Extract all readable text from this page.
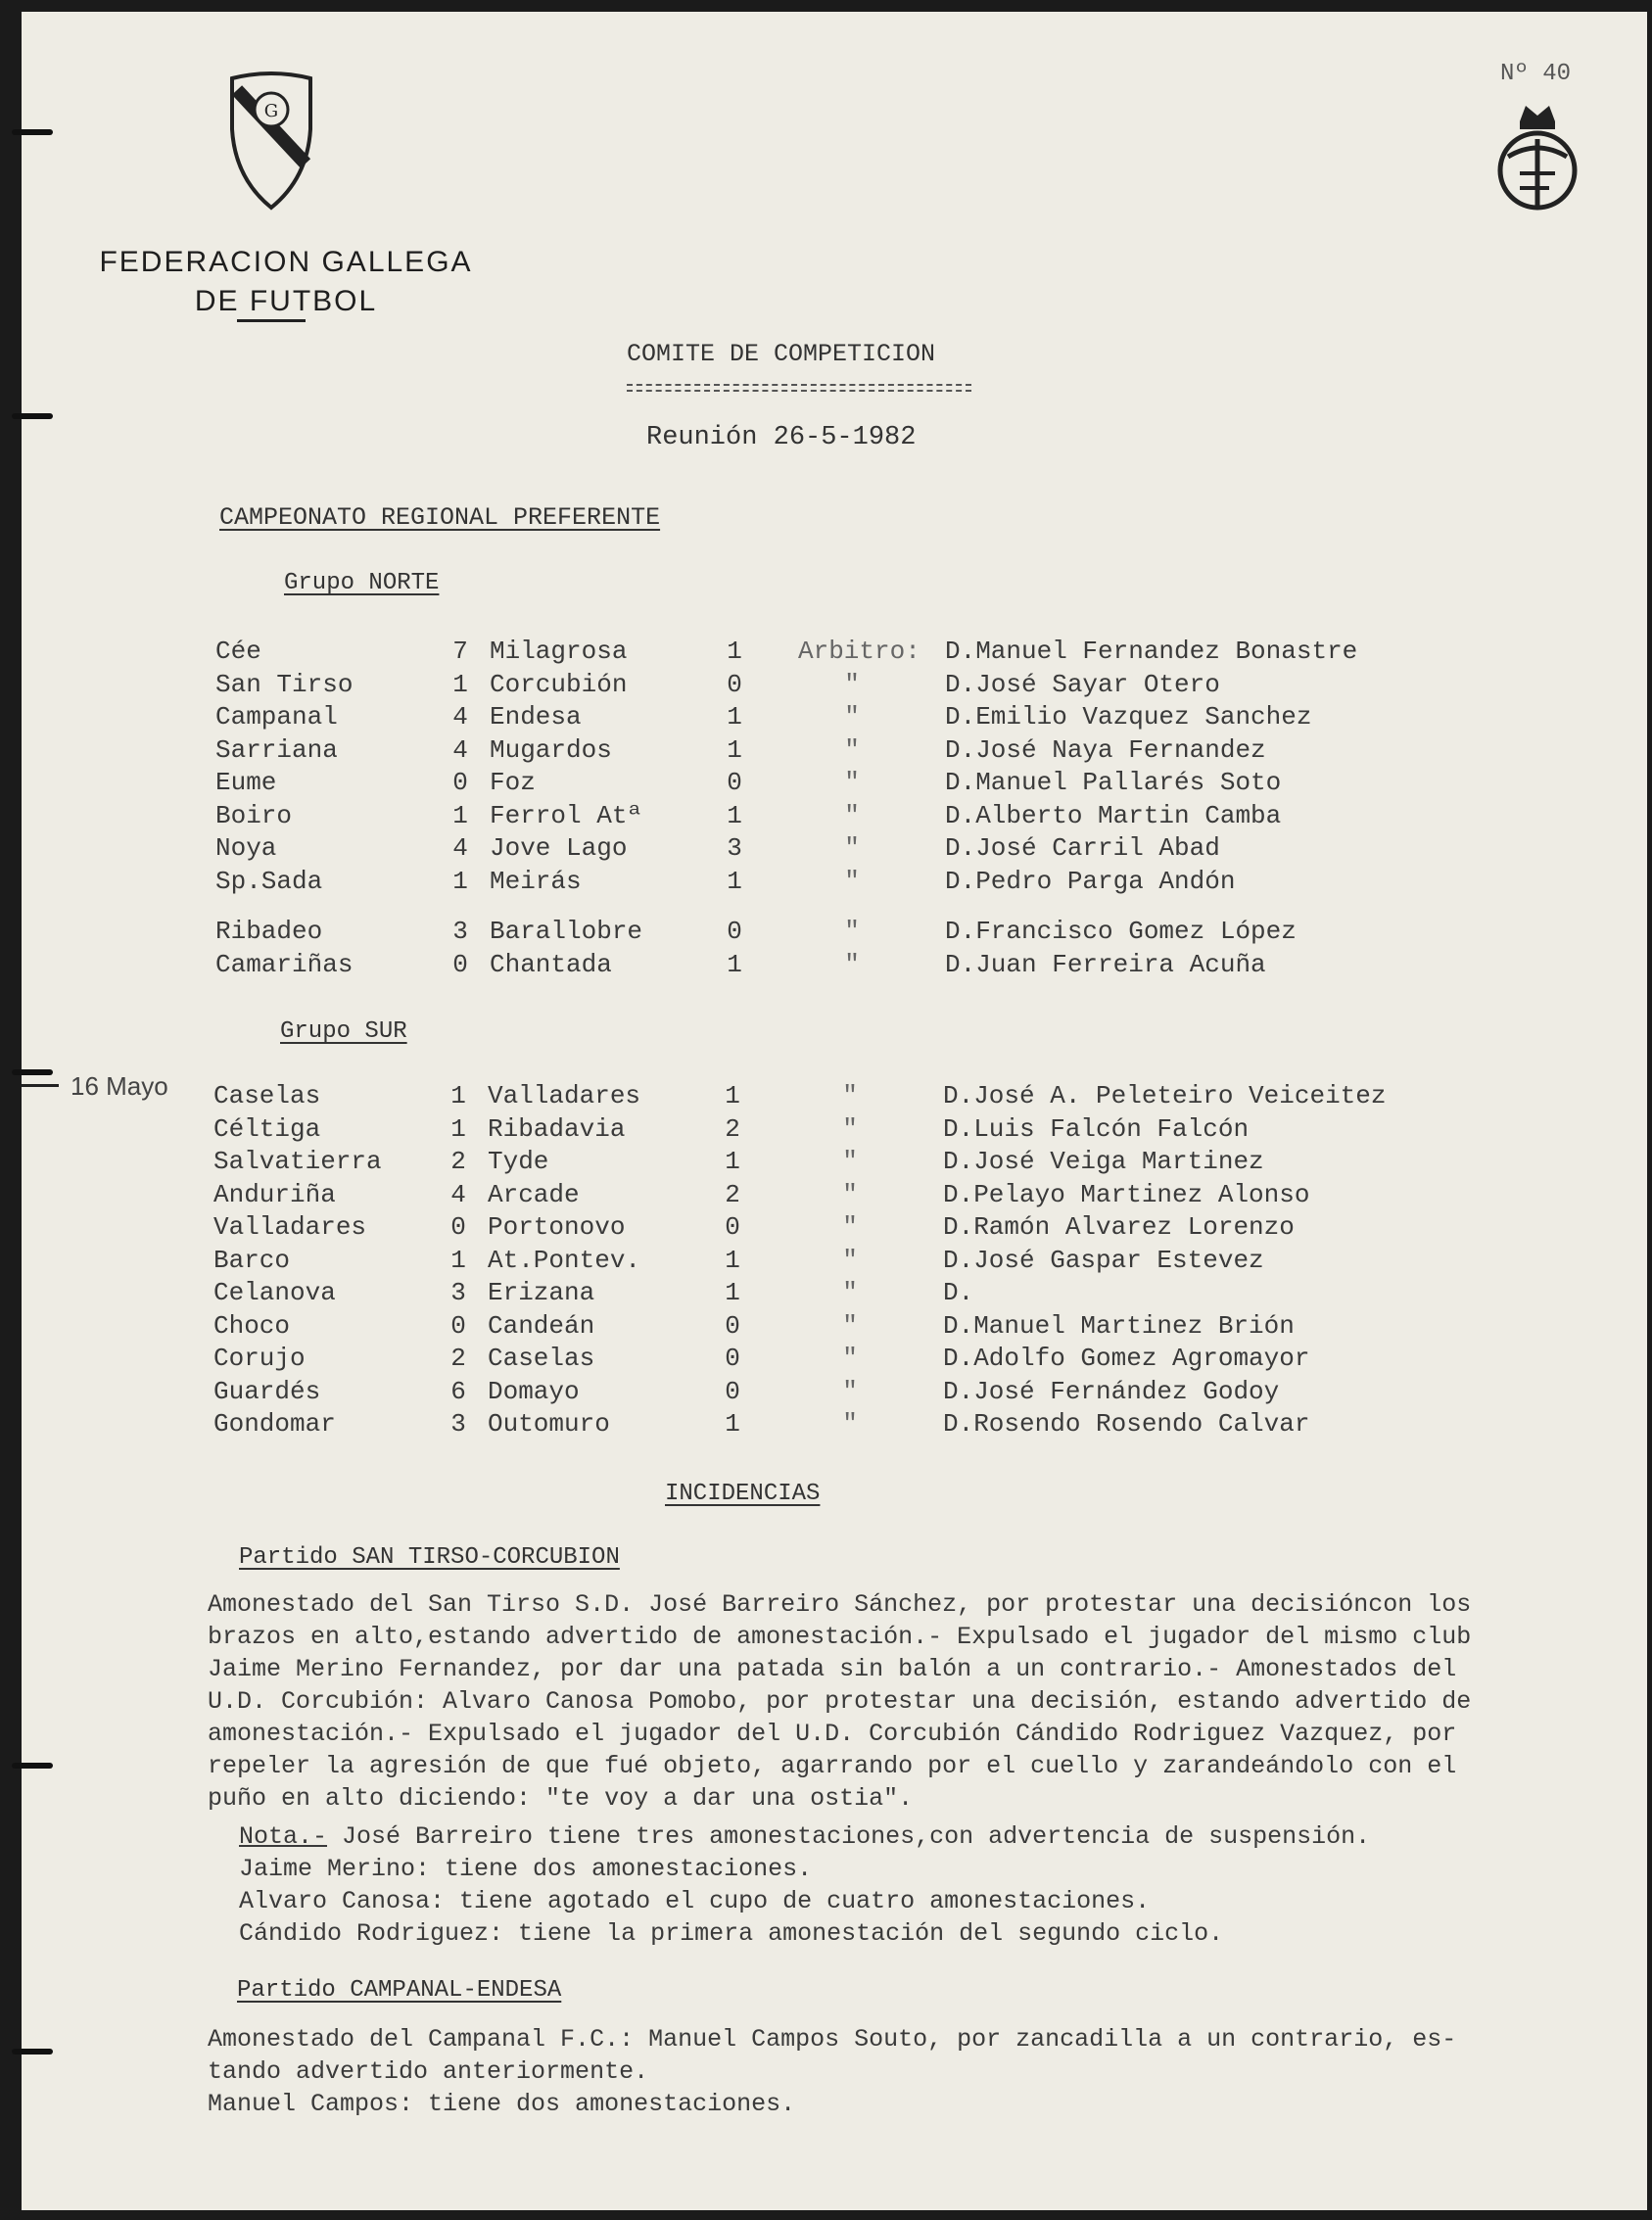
G
FEDERACION GALLEGA
DE FUTBOL
Nº 40
COMITE DE COMPETICION
Reunión 26-5-1982
CAMPEONATO REGIONAL PREFERENTE
Grupo NORTE
Cée	7 Milagrosa	1 Arbitro: D.Manuel Fernandez Bonastre
San Tirso	1 Corcubión	0	"	D.José Sayar Otero
Campanal	4 Endesa	1	"	D.Emilio Vazquez Sanchez
Sarriana	4 Mugardos	1	"	D.José Naya Fernandez
Eume	0 Foz	0	"	D.Manuel Pallarés Soto
Boiro	1 Ferrol Atª	1	"	D.Alberto Martin Camba
Noya	4 Jove Lago	3	"	D.José Carril Abad
Sp.Sada	1 Meirás	1	"	D.Pedro Parga Andón
Ribadeo	3 Barallobre	0	"	D.Francisco Gomez López
Camariñas	0 Chantada	1	"	D.Juan Ferreira Acuña
Grupo SUR
16 Mayo Caselas	1 Valladares	1	"	D.José A. Peleteiro Veiceitez
Céltiga	1 Ribadavia	2	"	D.Luis Falcón Falcón
Salvatierra	2 Tyde	1	"	D.José Veiga Martinez
Anduriña	4 Arcade	2	"	D.Pelayo Martinez Alonso
Valladares	0 Portonovo	0	"	D.Ramón Alvarez Lorenzo
Barco	1 At.Pontev.	1	"	D.José Gaspar Estevez
Celanova	3 Erizana	1	"	D.
Choco	0 Candeán	0	"	D.Manuel Martinez Brión
Corujo	2 Caselas	0	"	D.Adolfo Gomez Agromayor
Guardés	6 Domayo	0	"	D.José Fernández Godoy
Gondomar	3 Outomuro	1	"	D.Rosendo Rosendo Calvar
INCIDENCIAS
Partido SAN TIRSO-CORCUBION
Amonestado del San Tirso S.D. José Barreiro Sánchez, por protestar una decisióncon los
brazos en alto,estando advertido de amonestación.- Expulsado el jugador del mismo club
Jaime Merino Fernandez, por dar una patada sin balón a un contrario.- Amonestados del
U.D. Corcubión: Alvaro Canosa Pomobo, por protestar una decisión, estando advertido de
amonestación.- Expulsado el jugador del U.D. Corcubión Cándido Rodriguez Vazquez, por
repeler la agresión de que fué objeto, agarrando por el cuello y zarandeándolo con el
puño en alto diciendo: "te voy a dar una ostia".
Nota.- José Barreiro tiene tres amonestaciones,con advertencia de suspensión.
Jaime Merino: tiene dos amonestaciones.
Alvaro Canosa: tiene agotado el cupo de cuatro amonestaciones.
Cándido Rodriguez: tiene la primera amonestación del segundo ciclo.
Partido CAMPANAL-ENDESA
Amonestado del Campanal F.C.: Manuel Campos Souto, por zancadilla a un contrario, es-
tando advertido anteriormente.
Manuel Campos: tiene dos amonestaciones.
